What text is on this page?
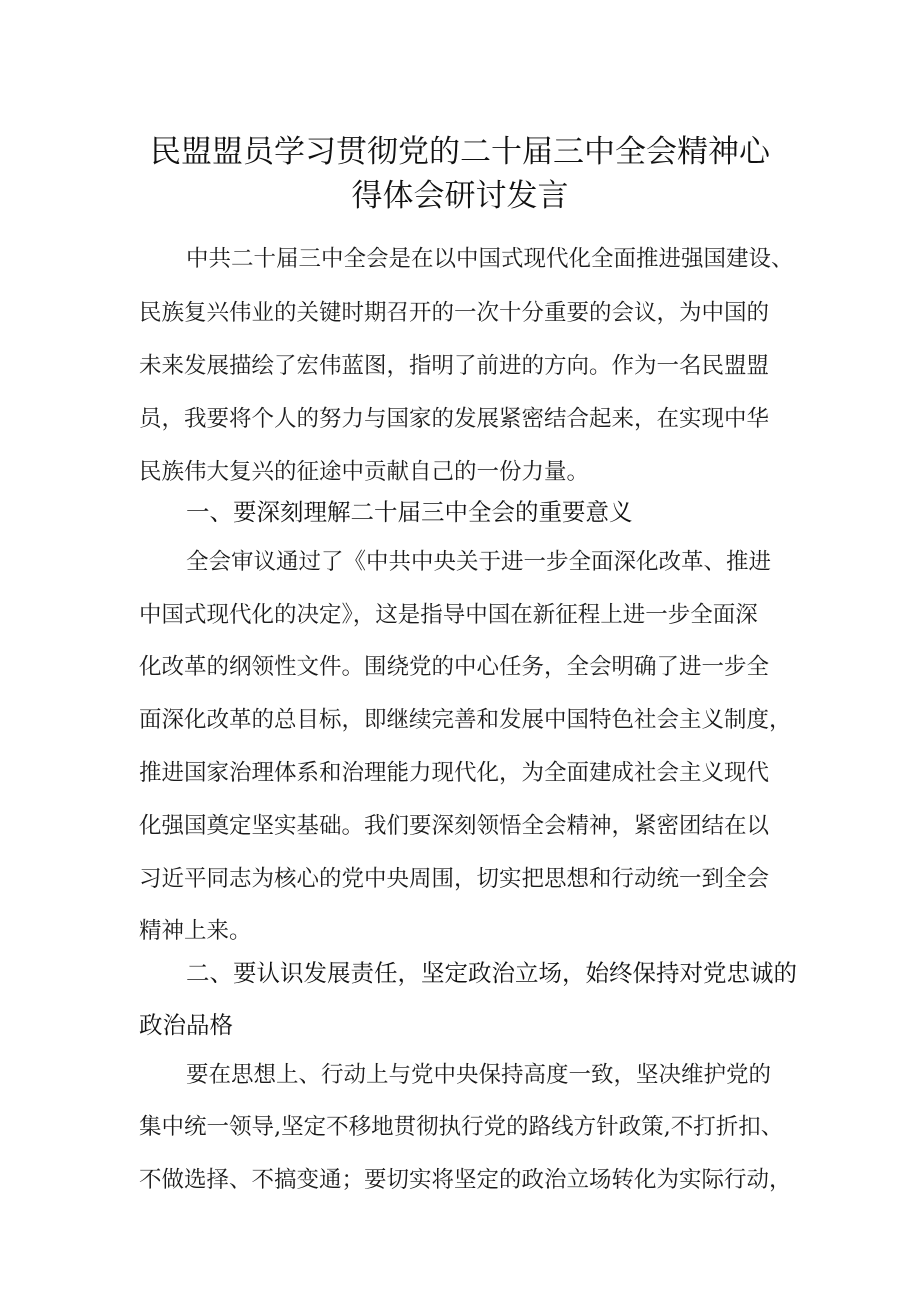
民盟盟员学习贯彻党的二十届三中全会精神心
得体会研讨发言
中共二十届三中全会是在以中国式现代化全面推进强国建设、
民族复兴伟业的关键时期召开的一次十分重要的会议，为中国的
未来发展描绘了宏伟蓝图，指明了前进的方向。作为一名民盟盟
员，我要将个人的努力与国家的发展紧密结合起来，在实现中华
民族伟大复兴的征途中贡献自己的一份力量。
一、要深刻理解二十届三中全会的重要意义
全会审议通过了《中共中央关于进一步全面深化改革、推进
中国式现代化的决定》，这是指导中国在新征程上进一步全面深
化改革的纲领性文件。围绕党的中心任务，全会明确了进一步全
面深化改革的总目标，即继续完善和发展中国特色社会主义制度，
推进国家治理体系和治理能力现代化，为全面建成社会主义现代
化强国奠定坚实基础。我们要深刻领悟全会精神，紧密团结在以
习近平同志为核心的党中央周围，切实把思想和行动统一到全会
精神上来。
二、要认识发展责任，坚定政治立场，始终保持对党忠诚的
政治品格
要在思想上、行动上与党中央保持高度一致，坚决维护党的
集中统一领导,坚定不移地贯彻执行党的路线方针政策,不打折扣、
不做选择、不搞变通；要切实将坚定的政治立场转化为实际行动，
